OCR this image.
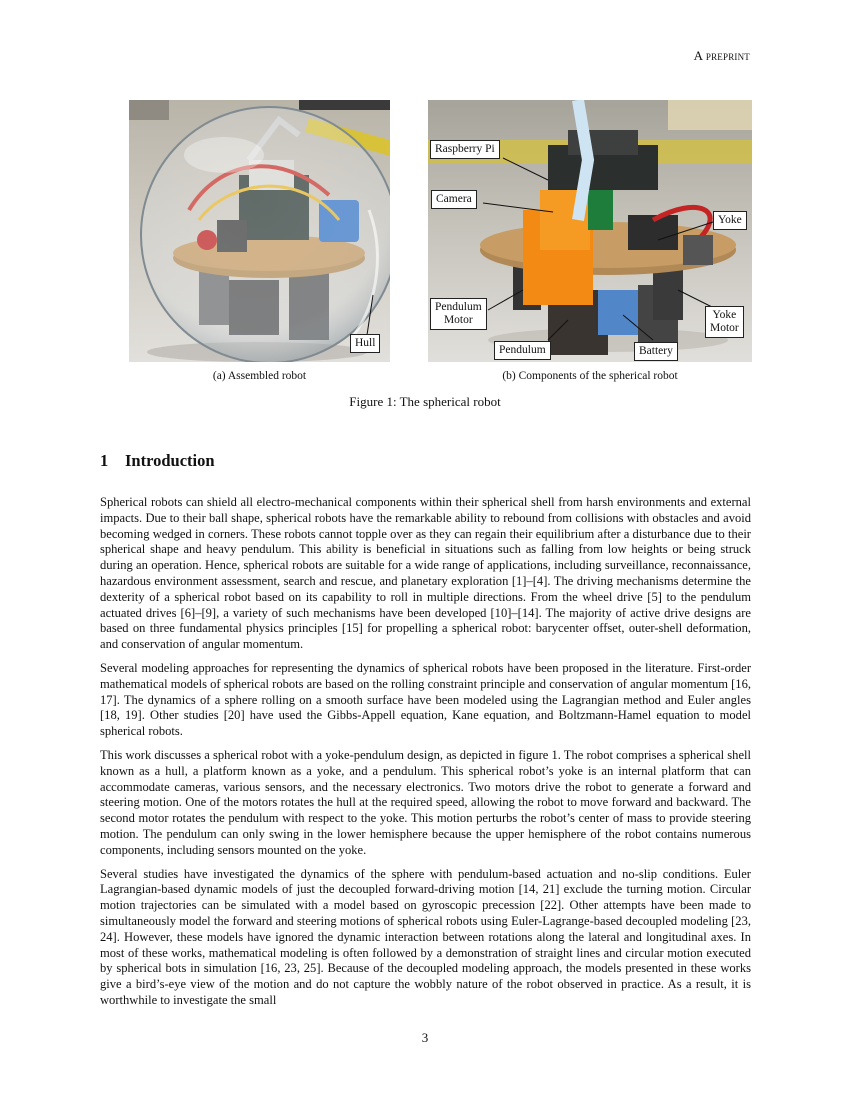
A preprint
Hull
Raspberry Pi
Camera
Yoke
Pendulum
Motor	Yoke
Motor
Pendulum	Battery
(a) Assembled robot	(b) Components of the spherical robot
Figure 1: The spherical robot
1 Introduction

Spherical robots can shield all electro-mechanical components within their spherical shell from harsh environments and external impacts. Due to their ball shape, spherical robots have the remarkable ability to rebound from collisions with obstacles and avoid becoming wedged in corners. These robots cannot topple over as they can regain their equilibrium after a disturbance due to their spherical shape and heavy pendulum. This ability is beneficial in situations such as falling from low heights or being struck during an operation. Hence, spherical robots are suitable for a wide range of applications, including surveillance, reconnaissance, hazardous environment assessment, search and rescue, and planetary exploration [1]–[4]. The driving mechanisms determine the dexterity of a spherical robot based on its capability to roll in multiple directions. From the wheel drive [5] to the pendulum actuated drives [6]–[9], a variety of such mechanisms have been developed [10]–[14]. The majority of active drive designs are based on three fundamental physics principles [15] for propelling a spherical robot: barycenter offset, outer-shell deformation, and conservation of angular momentum.

Several modeling approaches for representing the dynamics of spherical robots have been proposed in the literature. First-order mathematical models of spherical robots are based on the rolling constraint principle and conservation of angular momentum [16, 17]. The dynamics of a sphere rolling on a smooth surface have been modeled using the Lagrangian method and Euler angles [18, 19]. Other studies [20] have used the Gibbs-Appell equation, Kane equation, and Boltzmann-Hamel equation to model spherical robots.

This work discusses a spherical robot with a yoke-pendulum design, as depicted in figure 1. The robot comprises a spherical shell known as a hull, a platform known as a yoke, and a pendulum. This spherical robot’s yoke is an internal platform that can accommodate cameras, various sensors, and the necessary electronics. Two motors drive the robot to generate a forward and steering motion. One of the motors rotates the hull at the required speed, allowing the robot to move forward and backward. The second motor rotates the pendulum with respect to the yoke. This motion perturbs the robot’s center of mass to provide steering motion. The pendulum can only swing in the lower hemisphere because the upper hemisphere of the robot contains numerous components, including sensors mounted on the yoke.

Several studies have investigated the dynamics of the sphere with pendulum-based actuation and no-slip conditions. Euler Lagrangian-based dynamic models of just the decoupled forward-driving motion [14, 21] exclude the turning motion. Circular motion trajectories can be simulated with a model based on gyroscopic precession [22]. Other attempts have been made to simultaneously model the forward and steering motions of spherical robots using Euler-Lagrange-based decoupled modeling [23, 24]. However, these models have ignored the dynamic interaction between rotations along the lateral and longitudinal axes. In most of these works, mathematical modeling is often followed by a demonstration of straight lines and circular motion executed by spherical bots in simulation [16, 23, 25]. Because of the decoupled modeling approach, the models presented in these works give a bird’s-eye view of the motion and do not capture the wobbly nature of the robot observed in practice. As a result, it is worthwhile to investigate the small

3
